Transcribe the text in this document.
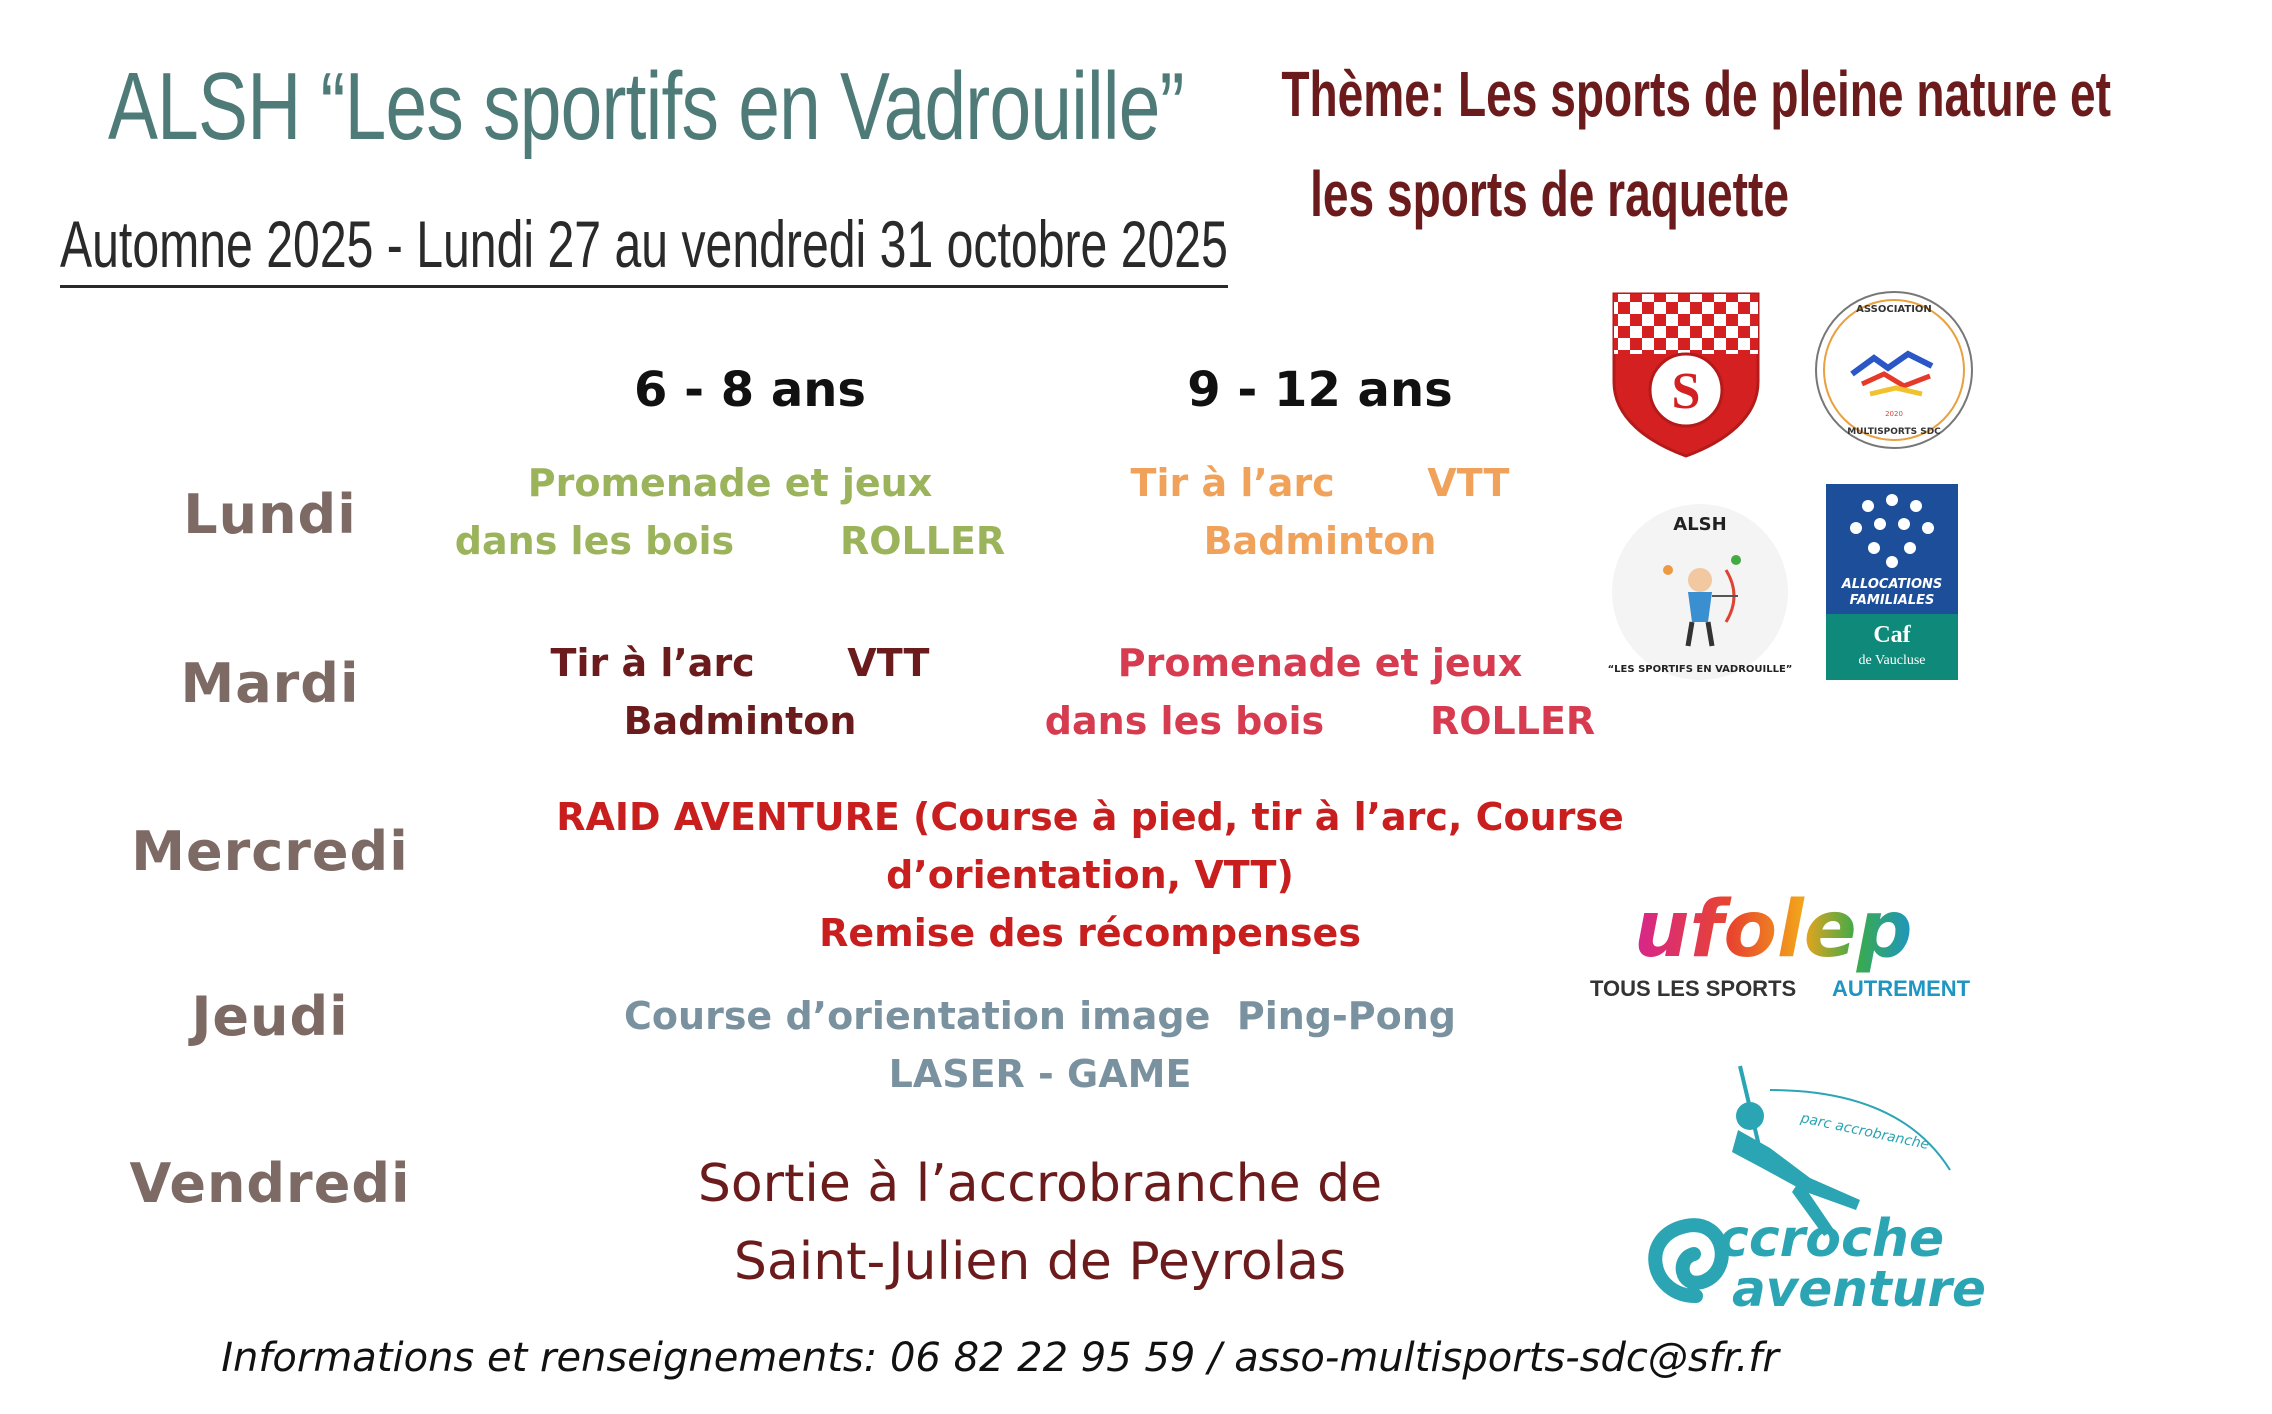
ALSH “Les sportifs en Vadrouille”
Automne 2025 - Lundi 27 au vendredi 31 octobre 2025
Thème: Les sports de pleine nature et
les sports de raquette
6 - 8 ans	9 - 12 ans
Lundi
Mardi
Mercredi
Jeudi
Vendredi
Promenade et jeux
dans les bois        ROLLER
Tir à l’arc       VTT
Badminton
Tir à l’arc       VTT
Badminton
Promenade et jeux
dans les bois        ROLLER
RAID AVENTURE (Course à pied, tir à l’arc, Course
d’orientation, VTT)
Remise des récompenses
Course d’orientation image  Ping-Pong
LASER - GAME
Sortie à l’accrobranche de
Saint-Julien de Peyrolas
S
ASSOCIATION
2020
MULTISPORTS SDC
ALSH
“LES SPORTIFS EN VADROUILLE”
ALLOCATIONS
FAMILIALES
Caf
de Vaucluse
ufolep
TOUS LES SPORTS AUTREMENT
parc accrobranche
ccroche
aventure
Informations et renseignements: 06 82 22 95 59 / asso-multisports-sdc@sfr.fr
